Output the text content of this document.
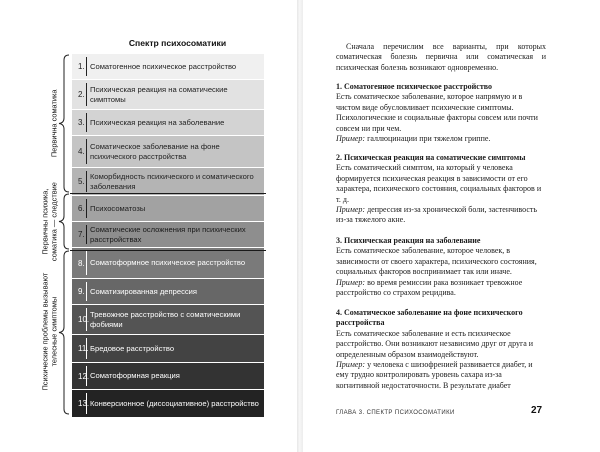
Спектр психосоматики
1. Соматогенное психическое расстройство
2.
Психическая реакция на соматические симптомы
3. Психическая реакция на заболевание
4.
Соматическое заболевание на фоне психического расстройства
5.
Коморбидность психического и соматического заболевания
6. Психосоматозы
7.
Соматические осложнения при психических расстройствах
8. Соматоформное психическое расстройство
9. Соматизированная депрессия
10.
Тревожное расстройство с соматическими фобиями
11. Бредовое расстройство
12. Соматоформная реакция
13. Конверсионное (диссоциативное) расстройство
Первична соматика
Первичны психика,
соматика — следствие
Психические проблемы вызывают
телесные симптомы
Сначала перечислим все варианты, при которых соматическая болезнь первична или соматическая и психическая болезнь возникают одновременно.
1. Соматогенное психическое расстройство
Есть соматическое заболевание, которое напрямую и в чистом виде обусловливает психические симптомы. Психологические и социальные факторы совсем или почти совсем ни при чем.
Пример: галлюцинации при тяжелом гриппе.
2. Психическая реакция на соматические симптомы
Есть соматический симптом, на который у человека формируется психическая реакция в зависимости от его характера, психического состояния, социальных факторов и т. д.
Пример: депрессия из-за хронической боли, застенчивость из-за тяжелого акне.
3. Психическая реакция на заболевание
Есть соматическое заболевание, которое человек, в зависимости от своего характера, психического состояния, социальных факторов воспринимает так или иначе.
Пример: во время ремиссии рака возникает тревожное расстройство со страхом рецидива.
4. Соматическое заболевание на фоне психического расстройства
Есть соматическое заболевание и есть психическое расстройство. Они возникают независимо друг от друга и определенным образом взаимодействуют.
Пример: у человека с шизофренией развивается диабет, и ему трудно контролировать уровень сахара из-за когнитивной недостаточности. В результате диабет
ГЛАВА 3. СПЕКТР ПСИХОСОМАТИКИ	27
